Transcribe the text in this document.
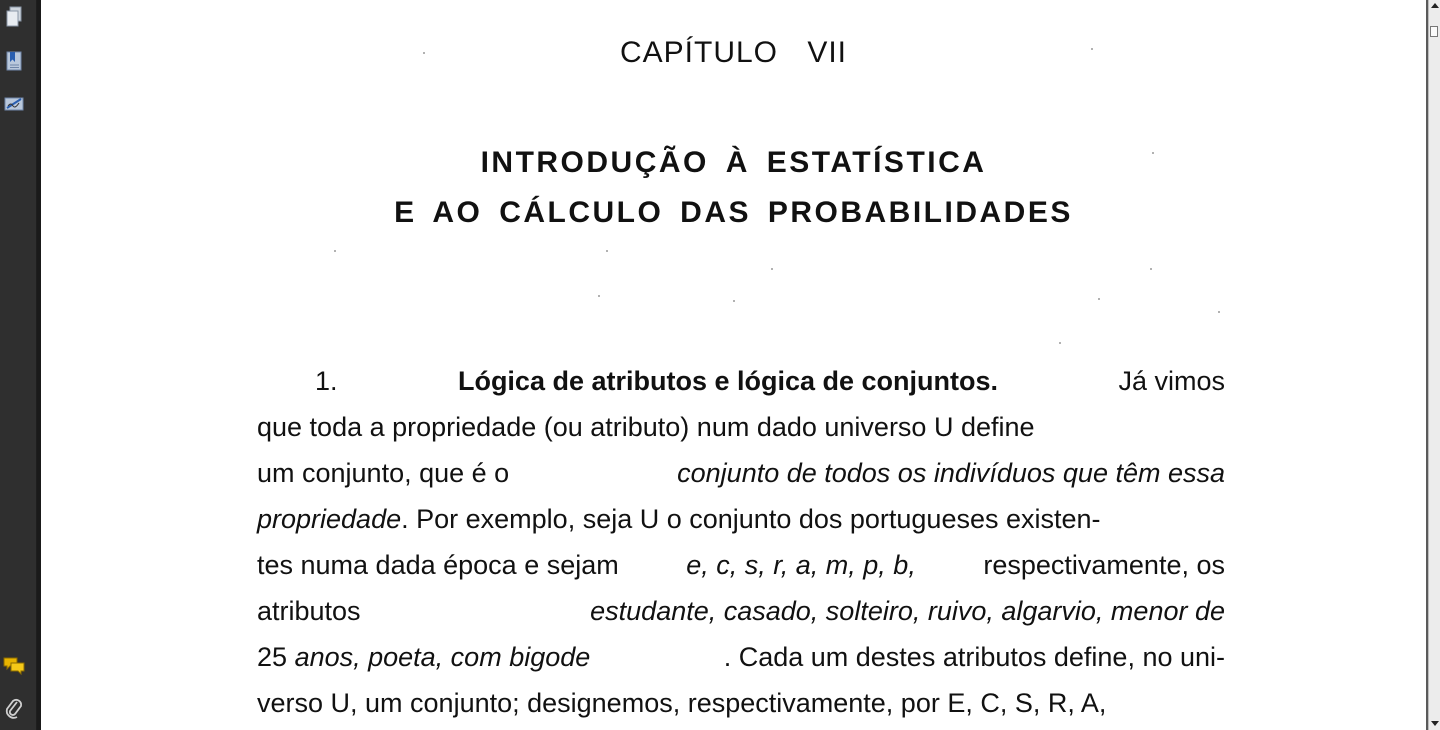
CAPÍTULO VII
INTRODUÇÃO À ESTATÍSTICA
E AO CÁLCULO DAS PROBABILIDADES
1.	Lógica de atributos e lógica de conjuntos.	Já vimos
que toda a propriedade (ou atributo) num dado universo U define
um conjunto, que é o	conjunto de todos os indivíduos que têm essa
propriedade. Por exemplo, seja U o conjunto dos portugueses existen-
tes numa dada época e sejam	e, c, s, r, a, m, p, b,	respectivamente, os
atributos	estudante, casado, solteiro, ruivo, algarvio, menor de
25 anos, poeta, com bigode	. Cada um destes atributos define, no uni-
verso U, um conjunto; designemos, respectivamente, por E, C, S, R, A,
